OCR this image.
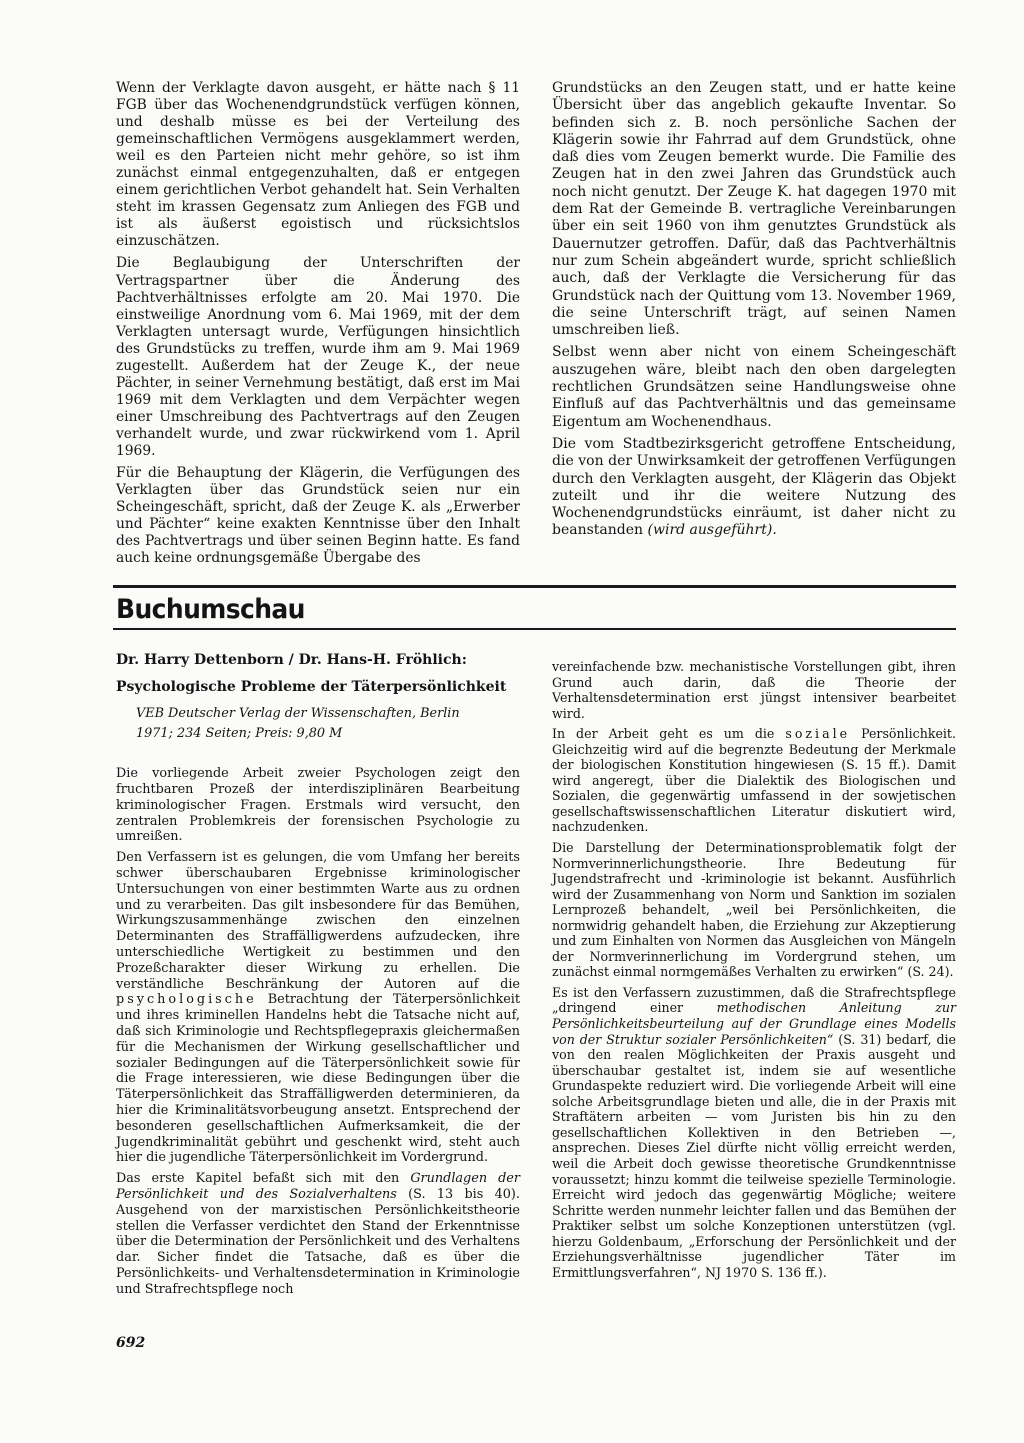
Wenn der Verklagte davon ausgeht, er hätte nach § 11 FGB über das Wochenendgrundstück verfügen können, und deshalb müsse es bei der Verteilung des gemeinschaftlichen Vermögens ausgeklammert werden, weil es den Parteien nicht mehr gehöre, so ist ihm zunächst einmal entgegenzuhalten, daß er entgegen einem gerichtlichen Verbot gehandelt hat. Sein Verhalten steht im krassen Gegensatz zum Anliegen des FGB und ist als äußerst egoistisch und rücksichtslos einzuschätzen.

Die Beglaubigung der Unterschriften der Vertragspartner über die Änderung des Pachtverhältnisses erfolgte am 20. Mai 1970. Die einstweilige Anordnung vom 6. Mai 1969, mit der dem Verklagten untersagt wurde, Verfügungen hinsichtlich des Grundstücks zu treffen, wurde ihm am 9. Mai 1969 zugestellt. Außerdem hat der Zeuge K., der neue Pächter, in seiner Vernehmung bestätigt, daß erst im Mai 1969 mit dem Verklagten und dem Verpächter wegen einer Umschreibung des Pachtvertrags auf den Zeugen verhandelt wurde, und zwar rückwirkend vom 1. April 1969.

Für die Behauptung der Klägerin, die Verfügungen des Verklagten über das Grundstück seien nur ein Scheingeschäft, spricht, daß der Zeuge K. als „Erwerber und Pächter“ keine exakten Kenntnisse über den Inhalt des Pachtvertrags und über seinen Beginn hatte. Es fand auch keine ordnungsgemäße Übergabe des

Grundstücks an den Zeugen statt, und er hatte keine Übersicht über das angeblich gekaufte Inventar. So befinden sich z. B. noch persönliche Sachen der Klägerin sowie ihr Fahrrad auf dem Grundstück, ohne daß dies vom Zeugen bemerkt wurde. Die Familie des Zeugen hat in den zwei Jahren das Grundstück auch noch nicht genutzt. Der Zeuge K. hat dagegen 1970 mit dem Rat der Gemeinde B. vertragliche Vereinbarungen über ein seit 1960 von ihm genutztes Grundstück als Dauernutzer getroffen. Dafür, daß das Pachtverhältnis nur zum Schein abgeändert wurde, spricht schließlich auch, daß der Verklagte die Versicherung für das Grundstück nach der Quittung vom 13. November 1969, die seine Unterschrift trägt, auf seinen Namen umschreiben ließ.

Selbst wenn aber nicht von einem Scheingeschäft auszugehen wäre, bleibt nach den oben dargelegten rechtlichen Grundsätzen seine Handlungsweise ohne Einfluß auf das Pachtverhältnis und das gemeinsame Eigentum am Wochenendhaus.

Die vom Stadtbezirksgericht getroffene Entscheidung, die von der Unwirksamkeit der getroffenen Verfügungen durch den Verklagten ausgeht, der Klägerin das Objekt zuteilt und ihr die weitere Nutzung des Wochenendgrundstücks einräumt, ist daher nicht zu beanstanden (wird ausgeführt).

Buchumschau

Dr. Harry Dettenborn / Dr. Hans-H. Fröhlich:

Psychologische Probleme der Täterpersönlichkeit

VEB Deutscher Verlag der Wissenschaften, Berlin

1971; 234 Seiten; Preis: 9,80 M

Die vorliegende Arbeit zweier Psychologen zeigt den fruchtbaren Prozeß der interdisziplinären Bearbeitung kriminologischer Fragen. Erstmals wird versucht, den zentralen Problemkreis der forensischen Psychologie zu umreißen.

Den Verfassern ist es gelungen, die vom Umfang her bereits schwer überschaubaren Ergebnisse kriminologischer Untersuchungen von einer bestimmten Warte aus zu ordnen und zu verarbeiten. Das gilt insbesondere für das Bemühen, Wirkungszusammenhänge zwischen den einzelnen Determinanten des Straffälligwerdens aufzudecken, ihre unterschiedliche Wertigkeit zu bestimmen und den Prozeßcharakter dieser Wirkung zu erhellen. Die verständliche Beschränkung der Autoren auf die psychologische Betrachtung der Täterpersönlichkeit und ihres kriminellen Handelns hebt die Tatsache nicht auf, daß sich Kriminologie und Rechtspflegepraxis gleichermaßen für die Mechanismen der Wirkung gesellschaftlicher und sozialer Bedingungen auf die Täterpersönlichkeit sowie für die Frage interessieren, wie diese Bedingungen über die Täterpersönlichkeit das Straffälligwerden determinieren, da hier die Kriminalitätsvorbeugung ansetzt. Entsprechend der besonderen gesellschaftlichen Aufmerksamkeit, die der Jugendkriminalität gebührt und geschenkt wird, steht auch hier die jugendliche Täterpersönlichkeit im Vordergrund.

Das erste Kapitel befaßt sich mit den Grundlagen der Persönlichkeit und des Sozialverhaltens (S. 13 bis 40). Ausgehend von der marxistischen Persönlichkeitstheorie stellen die Verfasser verdichtet den Stand der Erkenntnisse über die Determination der Persönlichkeit und des Verhaltens dar. Sicher findet die Tatsache, daß es über die Persönlichkeits- und Verhaltensdetermination in Kriminologie und Strafrechtspflege noch

vereinfachende bzw. mechanistische Vorstellungen gibt, ihren Grund auch darin, daß die Theorie der Verhaltensdetermination erst jüngst intensiver bearbeitet wird.

In der Arbeit geht es um die soziale Persönlichkeit. Gleichzeitig wird auf die begrenzte Bedeutung der Merkmale der biologischen Konstitution hingewiesen (S. 15 ff.). Damit wird angeregt, über die Dialektik des Biologischen und Sozialen, die gegenwärtig umfassend in der sowjetischen gesellschaftswissenschaftlichen Literatur diskutiert wird, nachzudenken.

Die Darstellung der Determinationsproblematik folgt der Normverinnerlichungstheorie. Ihre Bedeutung für Jugendstrafrecht und -kriminologie ist bekannt. Ausführlich wird der Zusammenhang von Norm und Sanktion im sozialen Lernprozeß behandelt, „weil bei Persönlichkeiten, die normwidrig gehandelt haben, die Erziehung zur Akzeptierung und zum Einhalten von Normen das Ausgleichen von Mängeln der Normverinnerlichung im Vordergrund stehen, um zunächst einmal normgemäßes Verhalten zu erwirken“ (S. 24).

Es ist den Verfassern zuzustimmen, daß die Strafrechtspflege „dringend einer	methodischen Anleitung zur Persönlichkeitsbeurteilung auf der Grundlage eines Modells von der Struktur sozialer Persönlichkeiten“ (S. 31) bedarf, die von den realen Möglichkeiten der Praxis ausgeht und überschaubar gestaltet ist, indem sie auf wesentliche Grundaspekte reduziert wird. Die vorliegende Arbeit will eine solche Arbeitsgrundlage bieten und alle, die in der Praxis mit Straftätern arbeiten — vom Juristen bis hin zu den gesellschaftlichen Kollektiven in den Betrieben —, ansprechen. Dieses Ziel dürfte nicht völlig erreicht werden, weil die Arbeit doch gewisse theoretische Grundkenntnisse voraussetzt; hinzu kommt die teilweise spezielle Terminologie. Erreicht wird jedoch das gegenwärtig Mögliche; weitere Schritte werden nunmehr leichter fallen und das Bemühen der Praktiker selbst um solche Konzeptionen unterstützen (vgl. hierzu Goldenbaum, „Erforschung der Persönlichkeit und der Erziehungsverhältnisse jugendlicher Täter im Ermittlungsverfahren“, NJ 1970 S. 136 ff.).

692
